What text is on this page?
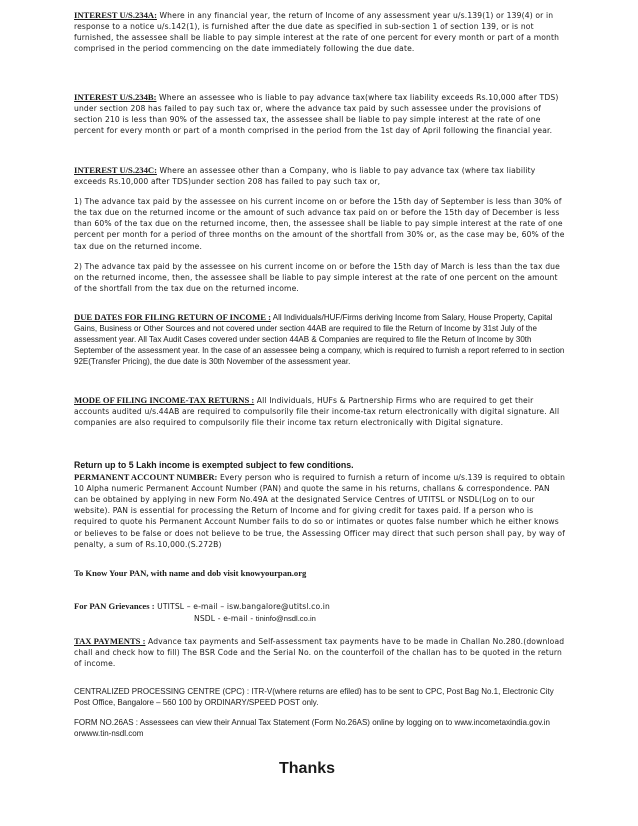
INTEREST U/S.234A: Where in any financial year, the return of Income of any assessment year u/s.139(1) or 139(4) or in response to a notice u/s.142(1), is furnished after the due date as specified in sub-section 1 of section 139, or is not furnished, the assessee shall be liable to pay simple interest at the rate of one percent for every month or part of a month comprised in the period commencing on the date immediately following the due date.

INTEREST U/S.234B: Where an assessee who is liable to pay advance tax(where tax liability exceeds Rs.10,000 after TDS) under section 208 has failed to pay such tax or, where the advance tax paid by such assessee under the provisions of section 210 is less than 90% of the assessed tax, the assessee shall be liable to pay simple interest at the rate of one percent for every month or part of a month comprised in the period from the 1st day of April following the financial year.

INTEREST U/S.234C: Where an assessee other than a Company, who is liable to pay advance tax (where tax liability exceeds Rs.10,000 after TDS)under section 208 has failed to pay such tax or,

1) The advance tax paid by the assessee on his current income on or before the 15th day of September is less than 30% of the tax due on the returned income or the amount of such advance tax paid on or before the 15th day of December is less than 60% of the tax due on the returned income, then, the assessee shall be liable to pay simple interest at the rate of one percent per month for a period of three months on the amount of the shortfall from 30% or, as the case may be, 60% of the tax due on the returned income.

2) The advance tax paid by the assessee on his current income on or before the 15th day of March is less than the tax due on the returned income, then, the assessee shall be liable to pay simple interest at the rate of one percent on the amount of the shortfall from the tax due on the returned income.

DUE DATES FOR FILING RETURN OF INCOME : All Individuals/HUF/Firms deriving Income from Salary, House Property, Capital Gains, Business or Other Sources and not covered under section 44AB are required to file the Return of Income by 31st July of the assessment year. All Tax Audit Cases covered under section 44AB & Companies are required to file the Return of Income by 30th September of the assessment year. In the case of an assessee being a company, which is required to furnish a report referred to in section 92E(Transfer Pricing), the due date is 30th November of the assessment year.

MODE OF FILING INCOME-TAX RETURNS : All Individuals, HUFs & Partnership Firms who are required to get their accounts audited u/s.44AB are required to compulsorily file their income-tax return electronically with digital signature. All companies are also required to compulsorily file their income tax return electronically with Digital signature.

Return up to 5 Lakh income is exempted subject to few conditions.

PERMANENT ACCOUNT NUMBER: Every person who is required to furnish a return of income u/s.139 is required to obtain 10 Alpha numeric Permanent Account Number (PAN) and quote the same in his returns, challans & correspondence. PAN can be obtained by applying in new Form No.49A at the designated Service Centres of UTITSL or NSDL(Log on to our website). PAN is essential for processing the Return of Income and for giving credit for taxes paid. If a person who is required to quote his Permanent Account Number fails to do so or intimates or quotes false number which he either knows or believes to be false or does not believe to be true, the Assessing Officer may direct that such person shall pay, by way of penalty, a sum of Rs.10,000.(S.272B)

To Know Your PAN, with name and dob visit knowyourpan.org

For PAN Grievances : UTITSL – e-mail – isw.bangalore@utitsl.co.in

NSDL - e-mail - tininfo@nsdl.co.in

TAX PAYMENTS : Advance tax payments and Self-assessment tax payments have to be made in Challan No.280.(download chall and check how to fill) The BSR Code and the Serial No. on the counterfoil of the challan has to be quoted in the return of income.

CENTRALIZED PROCESSING CENTRE (CPC) : ITR-V(where returns are efiled) has to be sent to CPC, Post Bag No.1, Electronic City Post Office, Bangalore – 560 100 by ORDINARY/SPEED POST only.

FORM NO.26AS : Assessees can view their Annual Tax Statement (Form No.26AS) online by logging on to www.incometaxindia.gov.in orwww.tin-nsdl.com

Thanks
